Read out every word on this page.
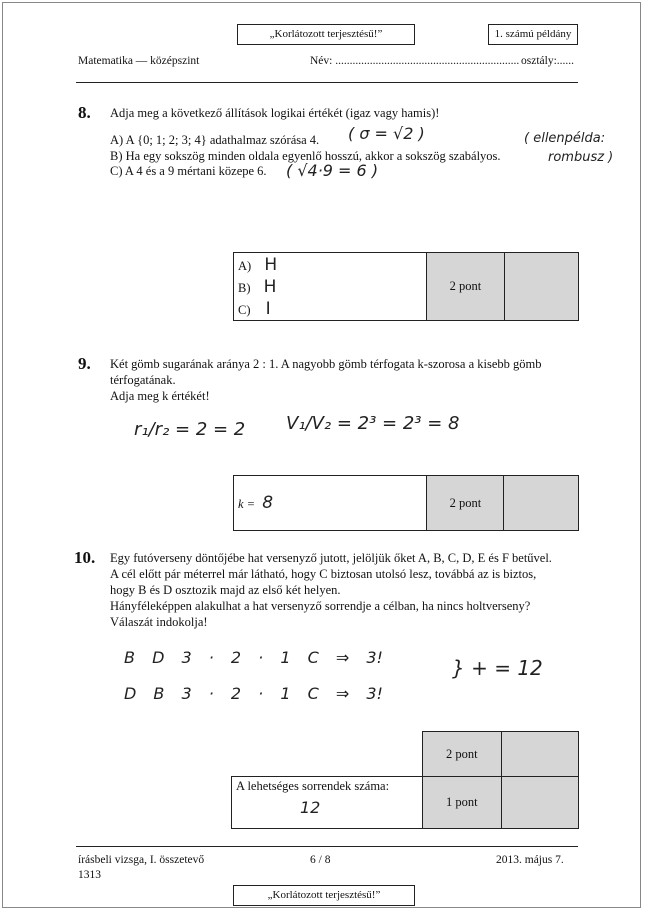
„Korlátozott terjesztésű!”	1. számú példány
Matematika — középszint	Név: ................................................................ osztály:......
8. Adja meg a következő állítások logikai értékét (igaz vagy hamis)!
A) A {0; 1; 2; 3; 4} adathalmaz szórása 4.
B) Ha egy sokszög minden oldala egyenlő hosszú, akkor a sokszög szabályos.
C) A 4 és a 9 mértani közepe 6.
( σ = √2 )	( ellenpélda:
rombusz )
( √4·9 = 6 )
A) H
B) H
C) I
	2 pont	
9. Két gömb sugarának aránya 2 : 1. A nagyobb gömb térfogata k-szorosa a kisebb gömb
térfogatának.
Adja meg k értékét!
r₁/r₂ = 2 = 2 V₁/V₂ = 2³ = 2³ = 8
k = 8	2 pont	
10. Egy futóverseny döntőjébe hat versenyző jutott, jelöljük őket A, B, C, D, E és F betűvel.
A cél előtt pár méterrel már látható, hogy C biztosan utolsó lesz, továbbá az is biztos,
hogy B és D osztozik majd az első két helyen.
Hányféleképpen alakulhat a hat versenyző sorrendje a célban, ha nincs holtverseny?
Válaszát indokolja!
B D 3 · 2 · 1 C ⇒ 3!
D B 3 · 2 · 1 C ⇒ 3!
} + = 12
	2 pont	

A lehetséges sorrendek száma:
12	1 pont	
írásbeli vizsga, I. összetevő
1313
6 / 8	2013. május 7.
„Korlátozott terjesztésű!”
